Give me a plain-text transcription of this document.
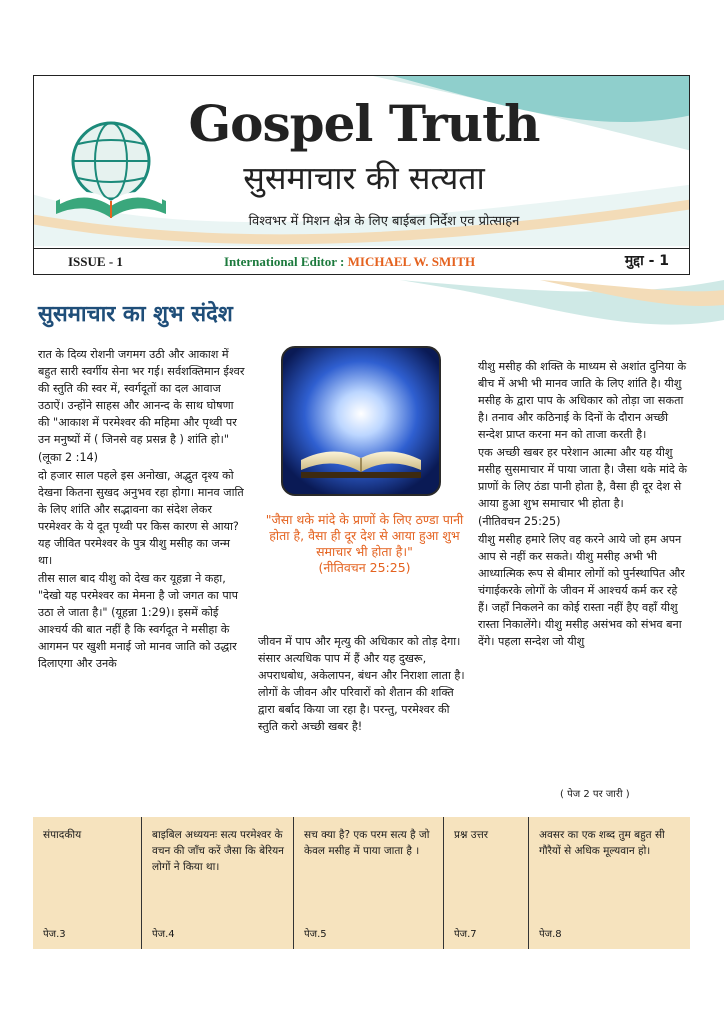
Gospel Truth
सुसमाचार की सत्यता
विश्वभर में मिशन क्षेत्र के लिए बाईबल निर्देश एव प्रोत्साहन
ISSUE - 1	International Editor : MICHAEL W. SMITH	मुद्दा - 1
सुसमाचार का शुभ संदेश

रात के दिव्य रोशनी जगमग उठी और आकाश में बहुत सारी स्वर्गीय सेना भर गई। सर्वशक्तिमान ईश्वर की स्तुति की स्वर में, स्वर्गदूतों का दल आवाज उठाऐं। उन्होंने साहस और आनन्द के साथ घोषणा की "आकाश में परमेश्वर की महिमा और पृथ्वी पर उन मनुष्यों में ( जिनसे वह प्रसन्न है ) शांति हो।"

(लूका 2 :14)

दो हजार साल पहले इस अनोखा, अद्भुत दृश्य को देखना कितना सुखद अनुभव रहा होगा। मानव जाति के लिए शांति और सद्भावना का संदेश लेकर परमेश्वर के ये दूत पृथ्वी पर किस कारण से आया? यह जीवित परमेश्वर के पुत्र यीशु मसीह का जन्म था।

तीस साल बाद यीशु को देख कर यूहन्ना ने कहा, "देखो यह परमेश्वर का मेमना है जो जगत का पाप उठा ले जाता है।" (यूहन्ना 1:29)। इसमें कोई आश्चर्य की बात नहीं है कि स्वर्गदूत ने मसीहा के आगमन पर खुशी मनाई जो मानव जाति को उद्धार दिलाएगा और उनके

"जैसा थके मांदे के प्राणों के लिए ठण्डा पानी होता है, वैसा ही दूर देश से आया हुआ शुभ समाचार भी होता है।"
(नीतिवचन 25:25)

जीवन में पाप और मृत्यु की अधिकार को तोड़ देगा। संसार अत्यधिक पाप में हैं और यह दुखरू, अपराधबोध, अकेलापन, बंधन और निराशा लाता है। लोगों के जीवन और परिवारों को शैतान की शक्ति द्वारा बर्बाद किया जा रहा है। परन्तु, परमेश्वर की स्तुति करो अच्छी खबर है!

यीशु मसीह की शक्ति के माध्यम से अशांत दुनिया के बीच में अभी भी मानव जाति के लिए शांति है। यीशु मसीह के द्वारा पाप के अधिकार को तोड़ा जा सकता है। तनाव और कठिनाई के दिनों के दौरान अच्छी सन्देश प्राप्त करना मन को ताजा करती है।

एक अच्छी खबर हर परेशान आत्मा और यह यीशु मसीह सुसमाचार में पाया जाता है। जैसा थके मांदे के प्राणों के लिए ठंडा पानी होता है, वैसा ही दूर देश से आया हुआ शुभ समाचार भी होता है।

(नीतिवचन 25:25)

यीशु मसीह हमारे लिए वह करने आये जो हम अपन आप से नहीं कर सकते। यीशु मसीह अभी भी आध्यात्मिक रूप से बीमार लोगों को पुर्नस्थापित और चंगाईकरके लोगों के जीवन में आश्चर्य कर्म कर रहे हैं। जहाँ निकलने का कोई रास्ता नहीं हैए वहाँ यीशु रास्ता निकालेंगे। यीशु मसीह असंभव को संभव बना देंगे। पहला सन्देश जो यीशु

( पेज 2 पर जारी )
संपादकीय
पेज.3
बाइबिल अध्ययनः सत्य परमेश्वर के वचन की जाँच करें जैसा कि बेरियन लोगों ने किया था।
पेज.4
सच क्या है? एक परम सत्य है जो केवल मसीह में पाया जाता है ।
पेज.5
प्रश्न उत्तर
पेज.7
अवसर का एक शब्द तुम बहुत सी गौरैयों से अधिक मूल्यवान हो।
पेज.8
